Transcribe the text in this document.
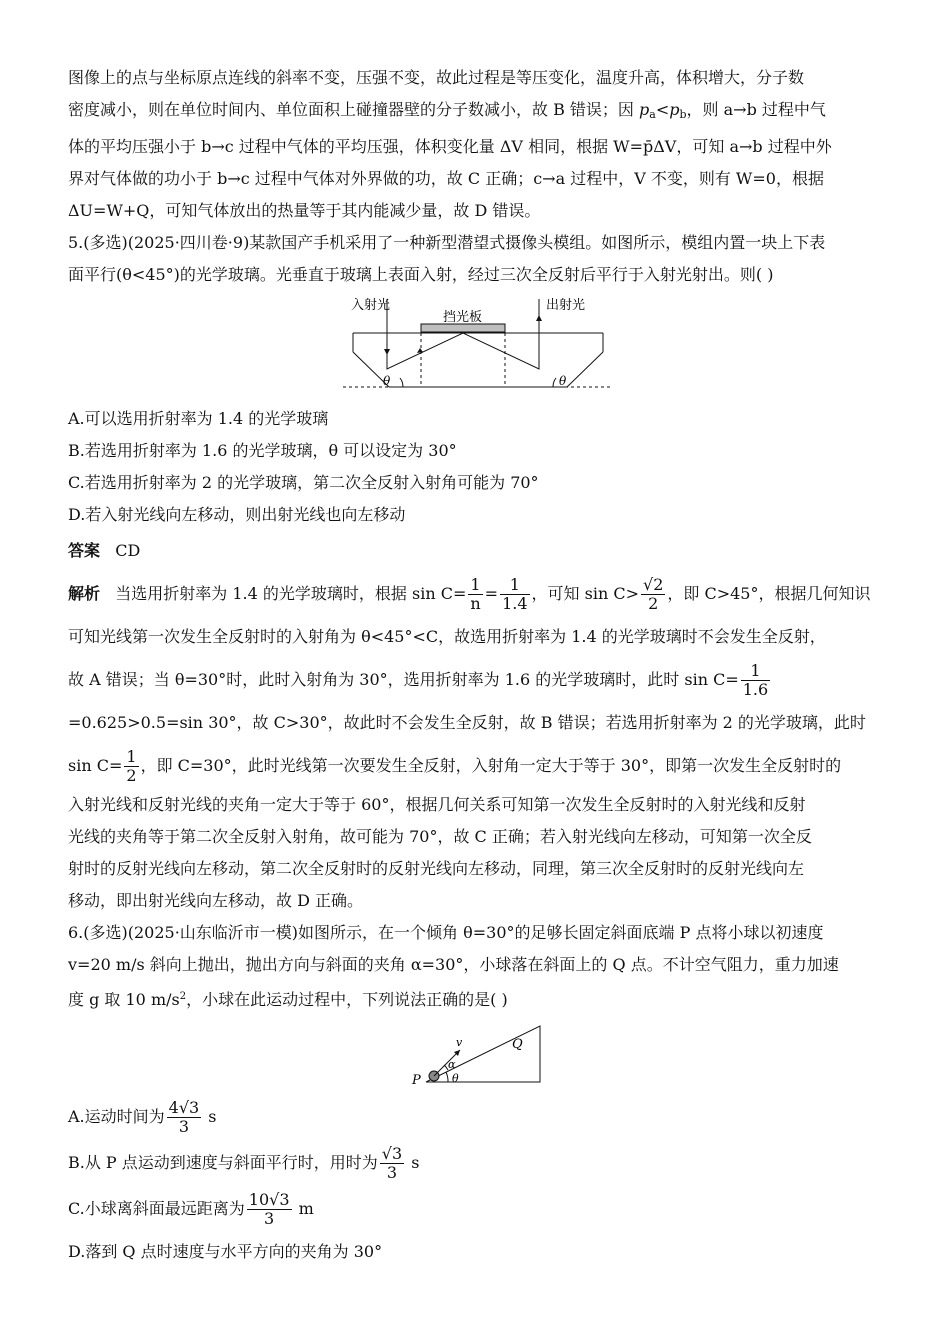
图像上的点与坐标原点连线的斜率不变，压强不变，故此过程是等压变化，温度升高，体积增大，分子数

密度减小，则在单位时间内、单位面积上碰撞器壁的分子数减小，故 B 错误；因 $p_a<p_b$，则 a→b 过程中气

体的平均压强小于 b→c 过程中气体的平均压强，体积变化量 ΔV 相同，根据 W=p̄ΔV，可知 a→b 过程中外

界对气体做的功小于 b→c 过程中气体对外界做的功，故 C 正确；c→a 过程中，V 不变，则有 W=0，根据

ΔU=W+Q，可知气体放出的热量等于其内能减少量，故 D 错误。

5.(多选)(2025·四川卷·9)某款国产手机采用了一种新型潜望式摄像头模组。如图所示，模组内置一块上下表

面平行(θ<45°)的光学玻璃。光垂直于玻璃上表面入射，经过三次全反射后平行于入射光射出。则( )

入射光
挡光板
出射光
θ	θ

A.可以选用折射率为 1.4 的光学玻璃

B.若选用折射率为 1.6 的光学玻璃，θ 可以设定为 30°

C.若选用折射率为 2 的光学玻璃，第二次全反射入射角可能为 70°

D.若入射光线向左移动，则出射光线也向左移动

答案 CD

解析 当选用折射率为 1.4 的光学玻璃时，根据 $\sin C= \frac{1}{n} = \frac{1}{1.4}$ ，可知 $\sin C> \frac{√2}{2}$ ，即 C>45°，根据几何知识

可知光线第一次发生全反射时的入射角为 θ<45°<C，故选用折射率为 1.4 的光学玻璃时不会发生全反射，

故 A 错误；当 θ=30°时，此时入射角为 30°，选用折射率为 1.6 的光学玻璃时，此时 $\sin C= \frac{1}{1.6}$

=0.625>0.5=sin 30°，故 C>30°，故此时不会发生全反射，故 B 错误；若选用折射率为 2 的光学玻璃，此时

$\sin C= \frac{1}{2}$ ，即 C=30°，此时光线第一次要发生全反射，入射角一定大于等于 30°，即第一次发生全反射时的

入射光线和反射光线的夹角一定大于等于 60°，根据几何关系可知第一次发生全反射时的入射光线和反射

光线的夹角等于第二次全反射入射角，故可能为 70°，故 C 正确；若入射光线向左移动，可知第一次全反

射时的反射光线向左移动，第二次全反射时的反射光线向左移动，同理，第三次全反射时的反射光线向左

移动，即出射光线向左移动，故 D 正确。

6.(多选)(2025·山东临沂市一模)如图所示，在一个倾角 θ=30°的足够长固定斜面底端 P 点将小球以初速度

v=20 m/s 斜向上抛出，抛出方向与斜面的夹角 α=30°，小球落在斜面上的 Q 点。不计空气阻力，重力加速

度 g 取 10 $m/s^2$，小球在此运动过程中，下列说法正确的是( )

P
Q
v
α
θ

A.运动时间为 $\frac{4√3}{3}$ s

B.从 P 点运动到速度与斜面平行时，用时为 $\frac{√3}{3}$ s

C.小球离斜面最远距离为 $\frac{10√3}{3}$ m

D.落到 Q 点时速度与水平方向的夹角为 30°
